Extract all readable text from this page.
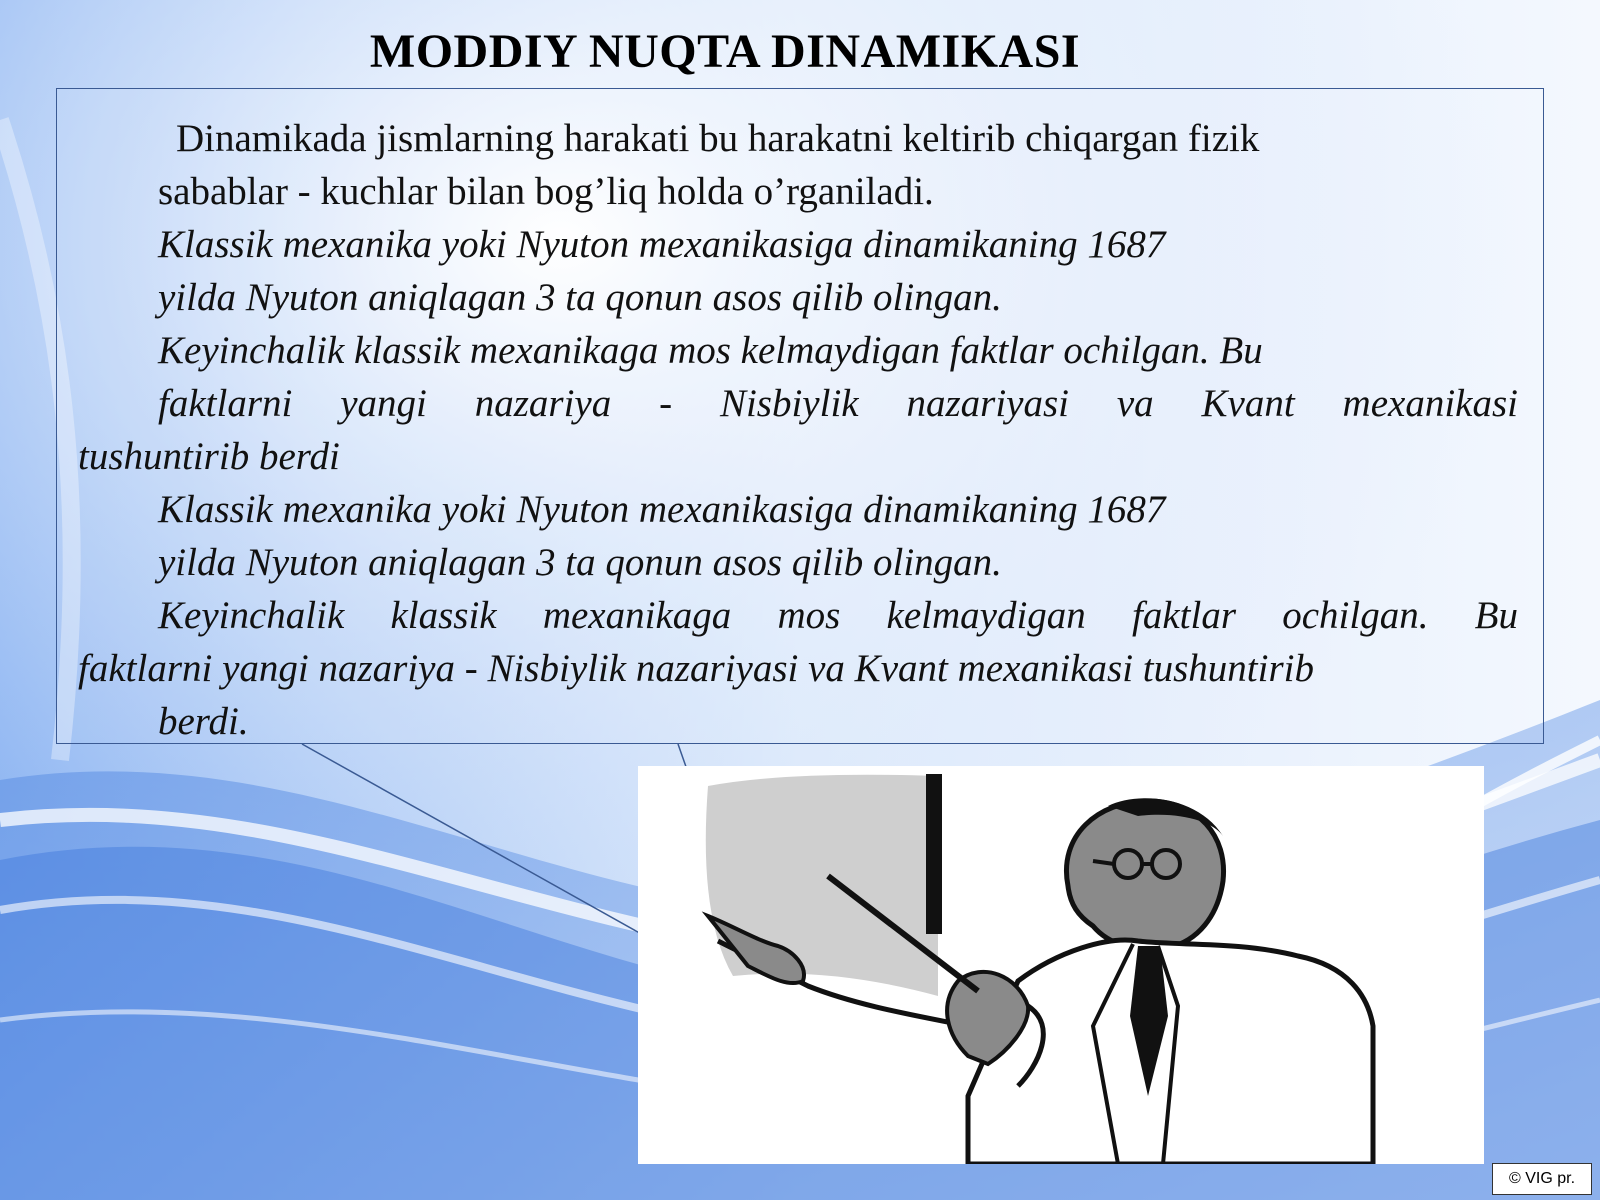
MODDIY NUQTA DINAMIKASI
Dinamikada jismlarning harakati bu harakatni keltirib chiqargan fizik
sabablar - kuchlar bilan bog’liq holda o’rganiladi.
Klassik mexanika yoki Nyuton mexanikasiga dinamikaning 1687
yilda Nyuton aniqlagan 3 ta qonun asos qilib olingan.
Keyinchalik klassik mexanikaga mos kelmaydigan faktlar ochilgan. Bu
faktlarni yangi nazariya - Nisbiylik nazariyasi va Kvant mexanikasi
tushuntirib berdi
Klassik mexanika yoki Nyuton mexanikasiga dinamikaning 1687
yilda Nyuton aniqlagan 3 ta qonun asos qilib olingan.
Keyinchalik klassik mexanikaga mos kelmaydigan faktlar ochilgan. Bu
faktlarni yangi nazariya - Nisbiylik nazariyasi va Kvant mexanikasi tushuntirib
berdi.
© VIG pr.
